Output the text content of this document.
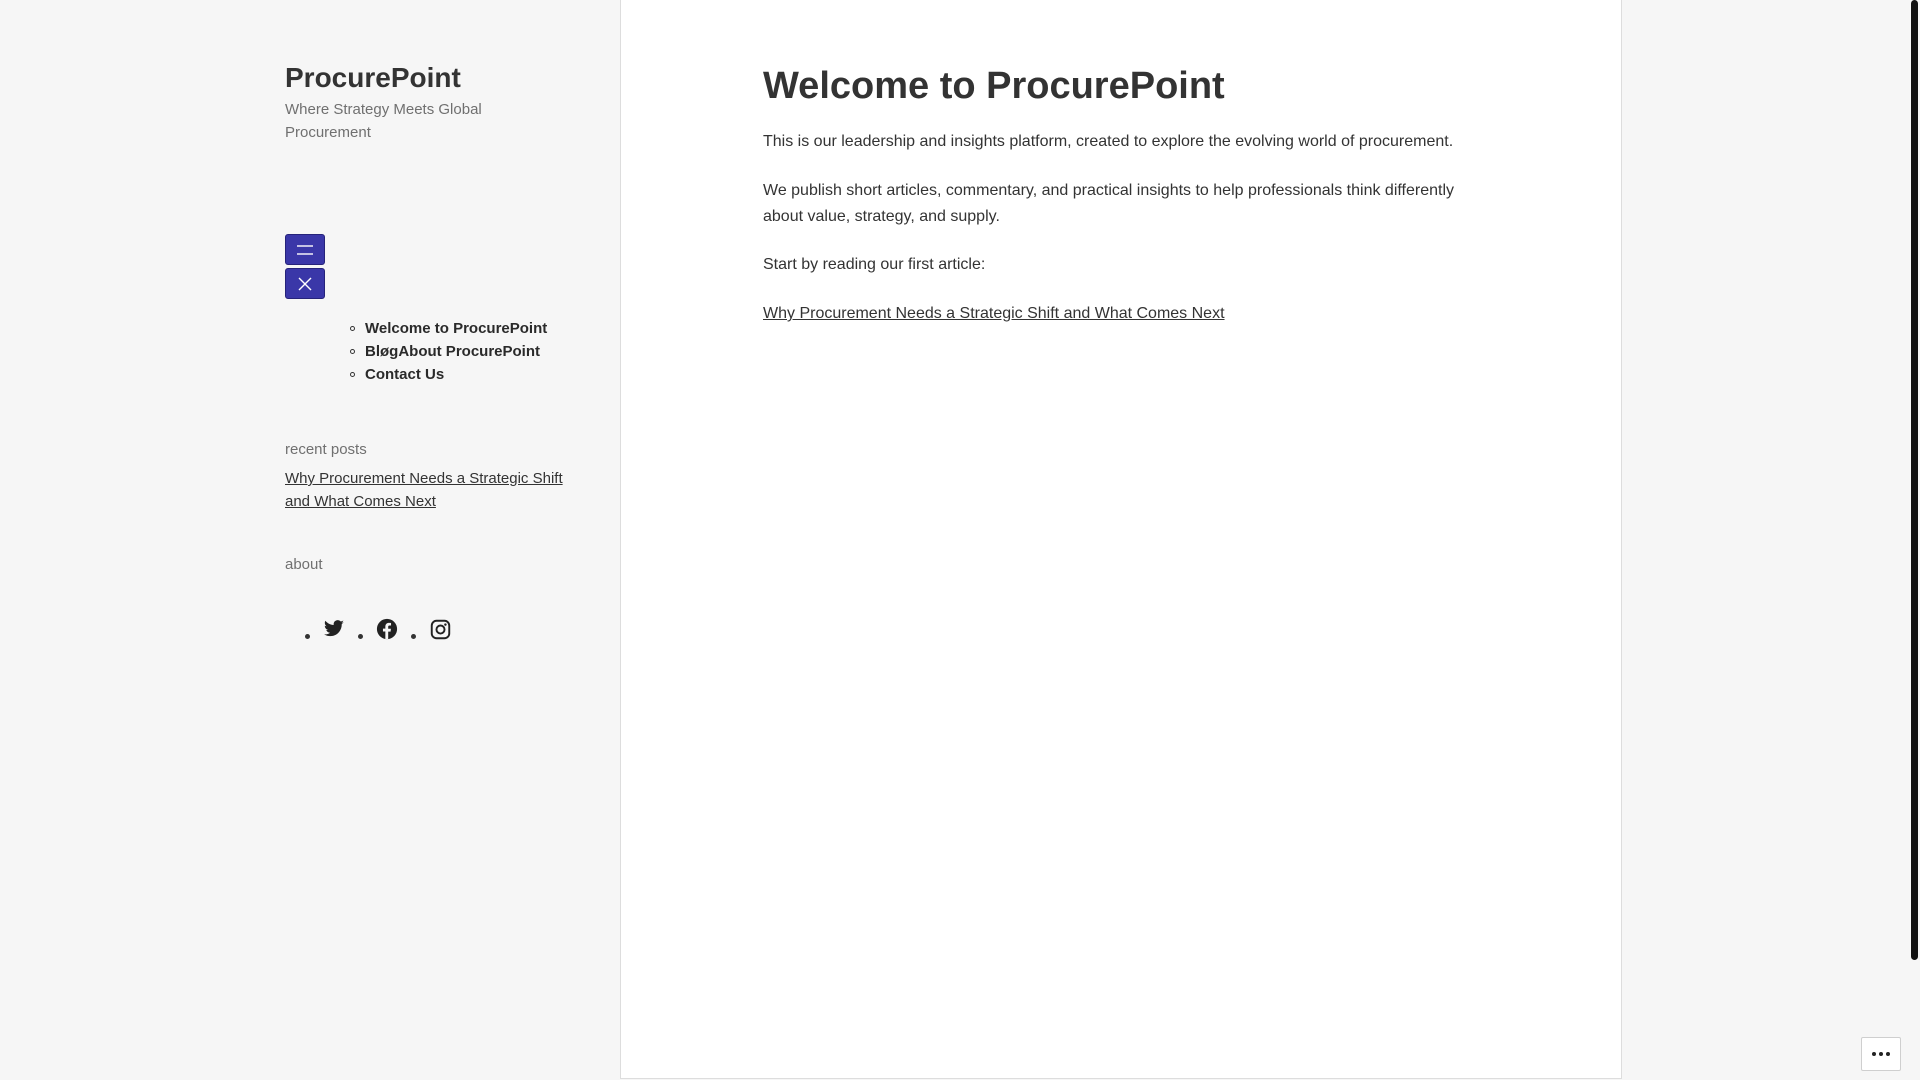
ProcurePoint
Where Strategy Meets Global Procurement
Welcome to ProcurePoint
BløgAbout ProcurePoint
Contact Us
recent posts
Why Procurement Needs a Strategic Shift and What Comes Next
about
Welcome to ProcurePoint

This is our leadership and insights platform, created to explore the evolving world of procurement.

We publish short articles, commentary, and practical insights to help professionals think differently about value, strategy, and supply.

Start by reading our first article:

Why Procurement Needs a Strategic Shift and What Comes Next
